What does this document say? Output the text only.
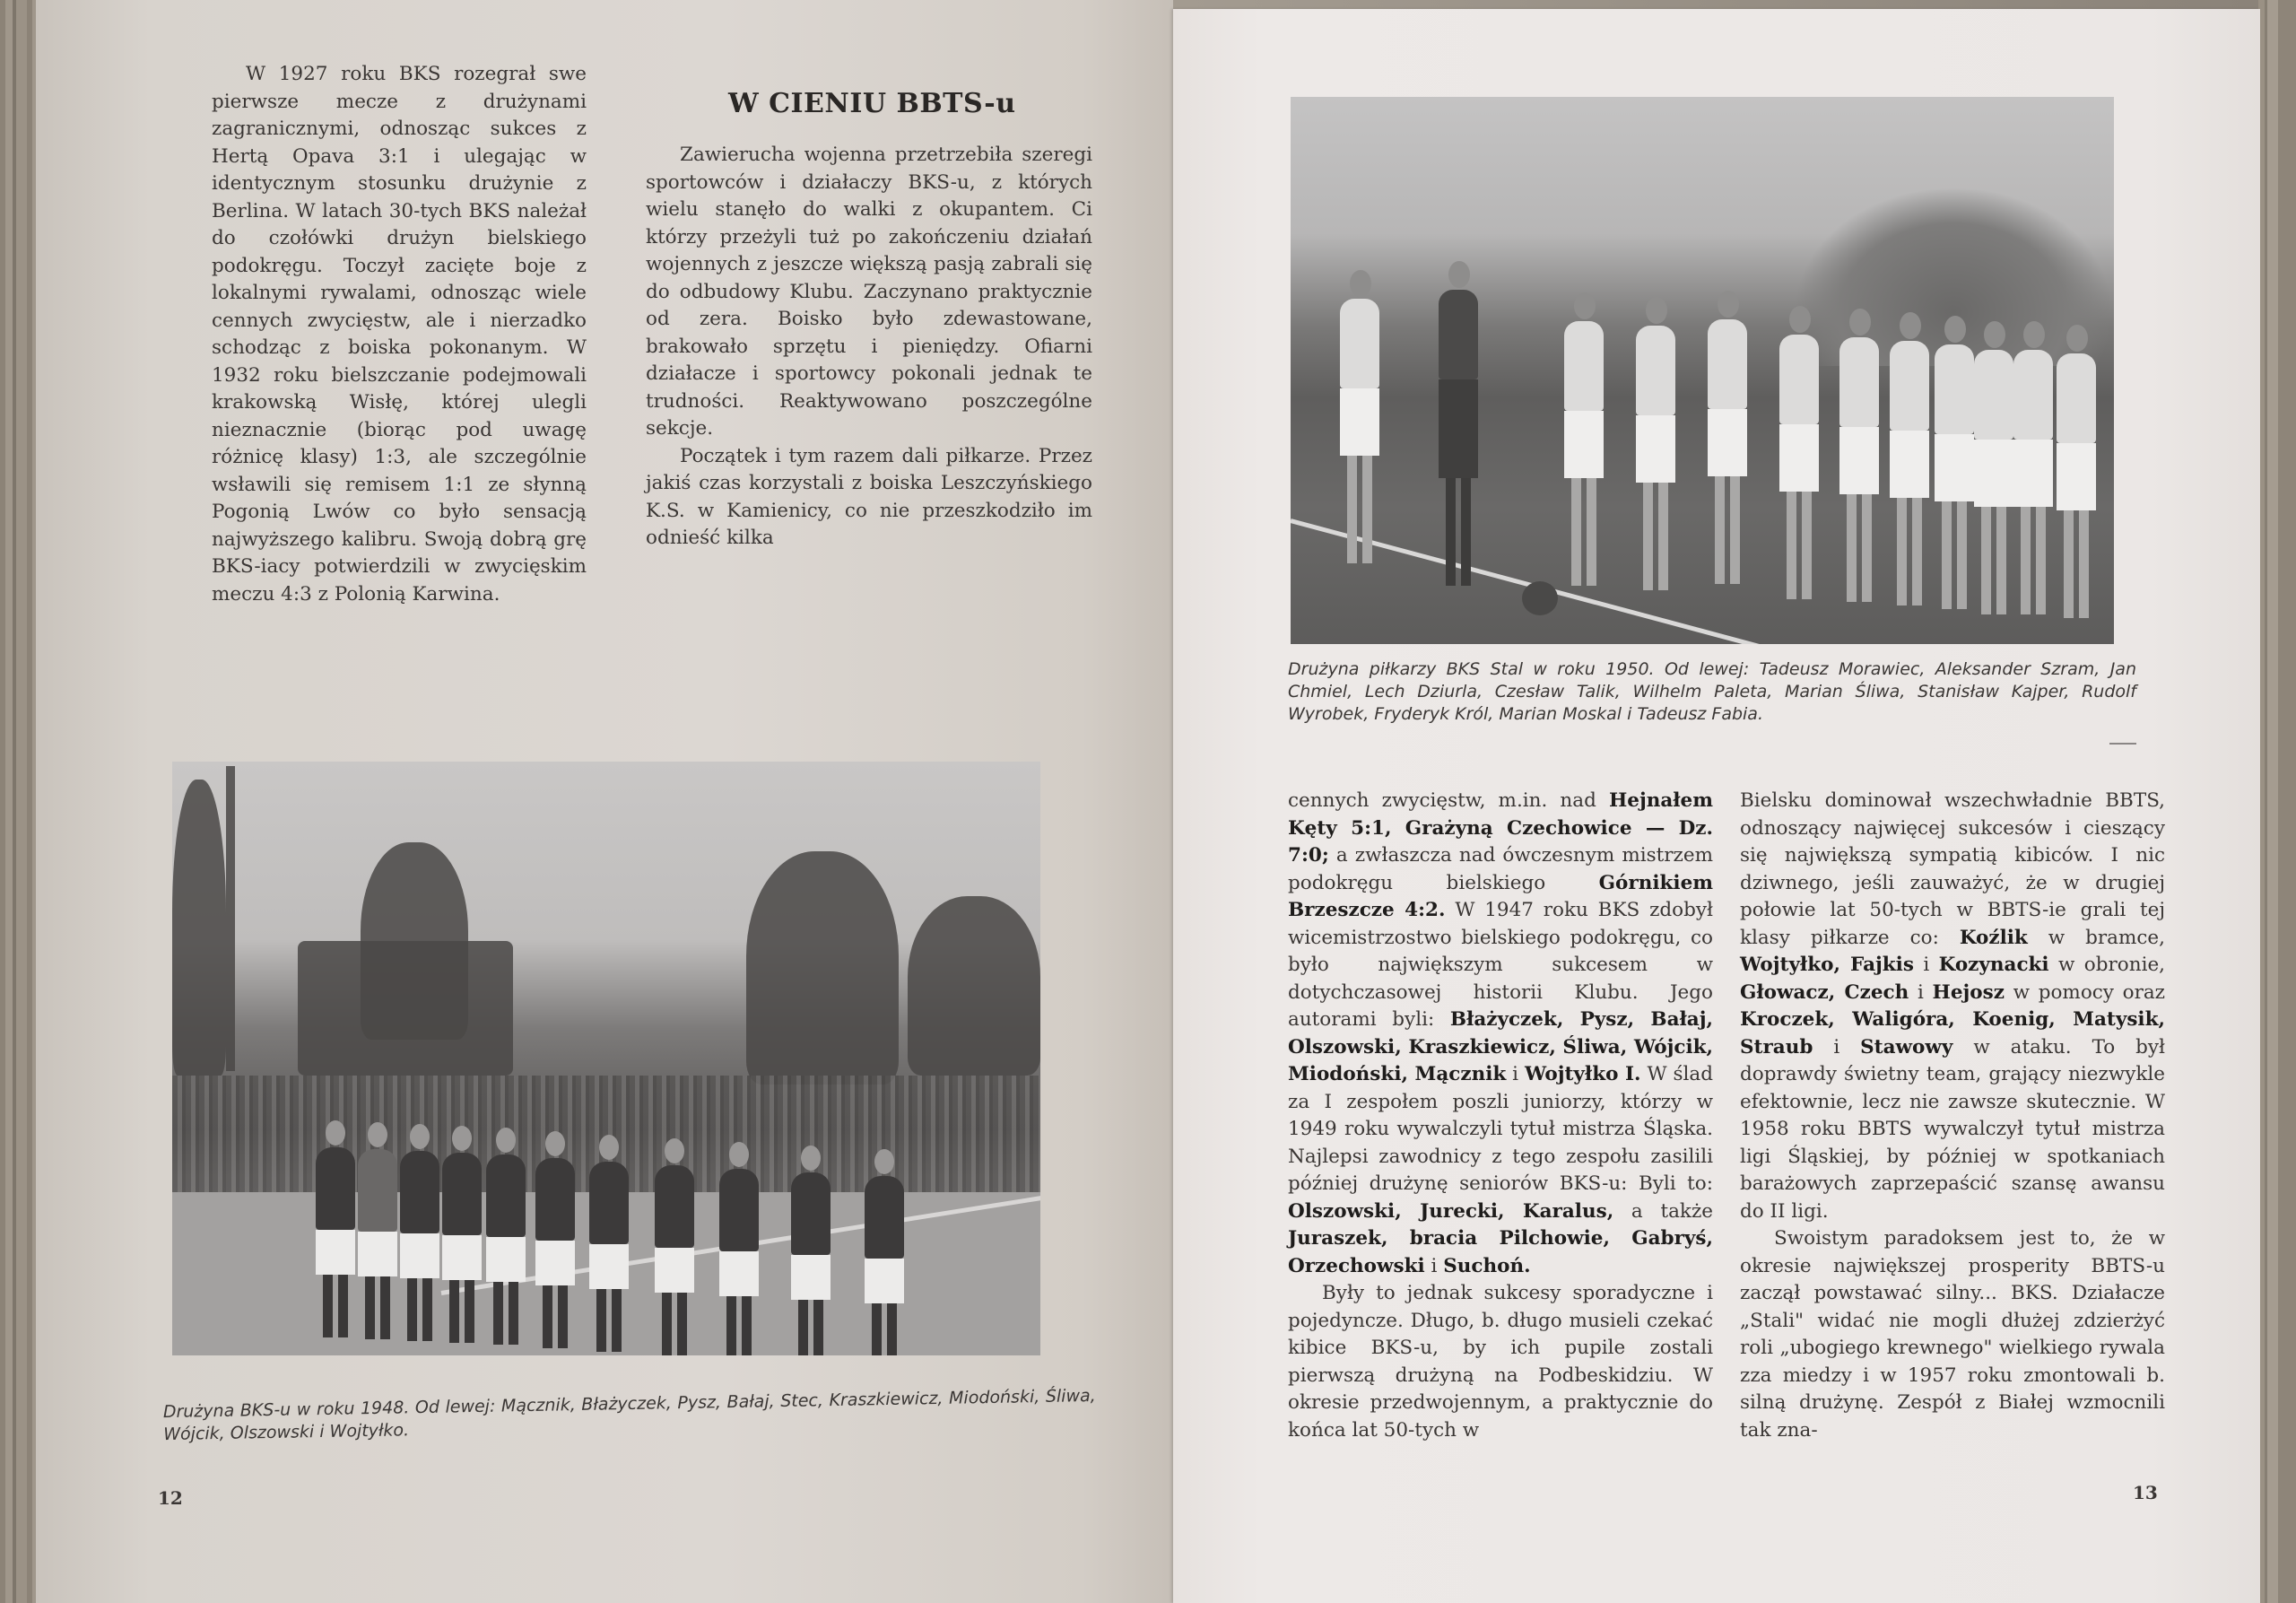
W 1927 roku BKS rozegrał swe pierwsze mecze z drużynami zagranicznymi, odnosząc sukces z Hertą Opava 3:1 i ulegając w identycznym stosunku drużynie z Berlina. W latach 30-tych BKS należał do czołówki drużyn bielskiego podokręgu. Toczył zacięte boje z lokalnymi rywalami, odnosząc wiele cennych zwycięstw, ale i nierzadko schodząc z boiska pokonanym. W 1932 roku bielszczanie podejmowali krakowską Wisłę, której ulegli nieznacznie (biorąc pod uwagę różnicę klasy) 1:3, ale szczególnie wsławili się remisem 1:1 ze słynną Pogonią Lwów co było sensacją najwyższego kalibru. Swoją dobrą grę BKS-iacy potwierdzili w zwycięskim meczu 4:3 z Polonią Karwina.

W CIENIU BBTS-u

Zawierucha wojenna przetrzebiła szeregi sportowców i działaczy BKS-u, z których wielu stanęło do walki z okupantem. Ci którzy przeżyli tuż po zakończeniu działań wojennych z jeszcze większą pasją zabrali się do odbudowy Klubu. Zaczynano praktycznie od zera. Boisko było zdewastowane, brakowało sprzętu i pieniędzy. Ofiarni działacze i sportowcy pokonali jednak te trudności. Reaktywowano poszczególne sekcje.

Początek i tym razem dali piłkarze. Przez jakiś czas korzystali z boiska Leszczyńskiego K.S. w Kamienicy, co nie przeszkodziło im odnieść kilka

Drużyna BKS-u w roku 1948. Od lewej: Mącznik, Błażyczek, Pysz, Bałaj, Stec, Kraszkiewicz, Miodoński, Śliwa, Wójcik, Olszowski i Wojtyłko.
12
Drużyna piłkarzy BKS Stal w roku 1950. Od lewej: Tadeusz Morawiec, Aleksander Szram, Jan Chmiel, Lech Dziurla, Czesław Talik, Wilhelm Paleta, Marian Śliwa, Stanisław Kajper, Rudolf Wyrobek, Fryderyk Król, Marian Moskal i Tadeusz Fabia.

cennych zwycięstw, m.in. nad Hejnałem Kęty 5:1, Grażyną Czechowice — Dz. 7:0; a zwłaszcza nad ówczesnym mistrzem podokręgu bielskiego Górnikiem Brzeszcze 4:2. W 1947 roku BKS zdobył wicemistrzostwo bielskiego podokręgu, co było największym sukcesem w dotychczasowej historii Klubu. Jego autorami byli: Błażyczek, Pysz, Bałaj, Olszowski, Kraszkiewicz, Śliwa, Wójcik, Miodoński, Mącznik i Wojtyłko I. W ślad za I zespołem poszli juniorzy, którzy w 1949 roku wywalczyli tytuł mistrza Śląska. Najlepsi zawodnicy z tego zespołu zasilili później drużynę seniorów BKS-u: Byli to: Olszowski, Jurecki, Karalus, a także Juraszek, bracia Pilchowie, Gabryś, Orzechowski i Suchoń.

Były to jednak sukcesy sporadyczne i pojedyncze. Długo, b. długo musieli czekać kibice BKS-u, by ich pupile zostali pierwszą drużyną na Podbeskidziu. W okresie przedwojennym, a praktycznie do końca lat 50-tych w

Bielsku dominował wszechwładnie BBTS, odnoszący najwięcej sukcesów i cieszący się największą sympatią kibiców. I nic dziwnego, jeśli zauważyć, że w drugiej połowie lat 50-tych w BBTS-ie grali tej klasy piłkarze co: Koźlik w bramce, Wojtyłko, Fajkis i Kozynacki w obronie, Głowacz, Czech i Hejosz w pomocy oraz Kroczek, Waligóra, Koenig, Matysik, Straub i Stawowy w ataku. To był doprawdy świetny team, grający niezwykle efektownie, lecz nie zawsze skutecznie. W 1958 roku BBTS wywalczył tytuł mistrza ligi Śląskiej, by później w spotkaniach barażowych zaprzepaścić szansę awansu do II ligi.

Swoistym paradoksem jest to, że w okresie największej prosperity BBTS-u zaczął powstawać silny... BKS. Działacze „Stali" widać nie mogli dłużej zdzierżyć roli „ubogiego krewnego" wielkiego rywala zza miedzy i w 1957 roku zmontowali b. silną drużynę. Zespół z Białej wzmocnili tak zna-

13
